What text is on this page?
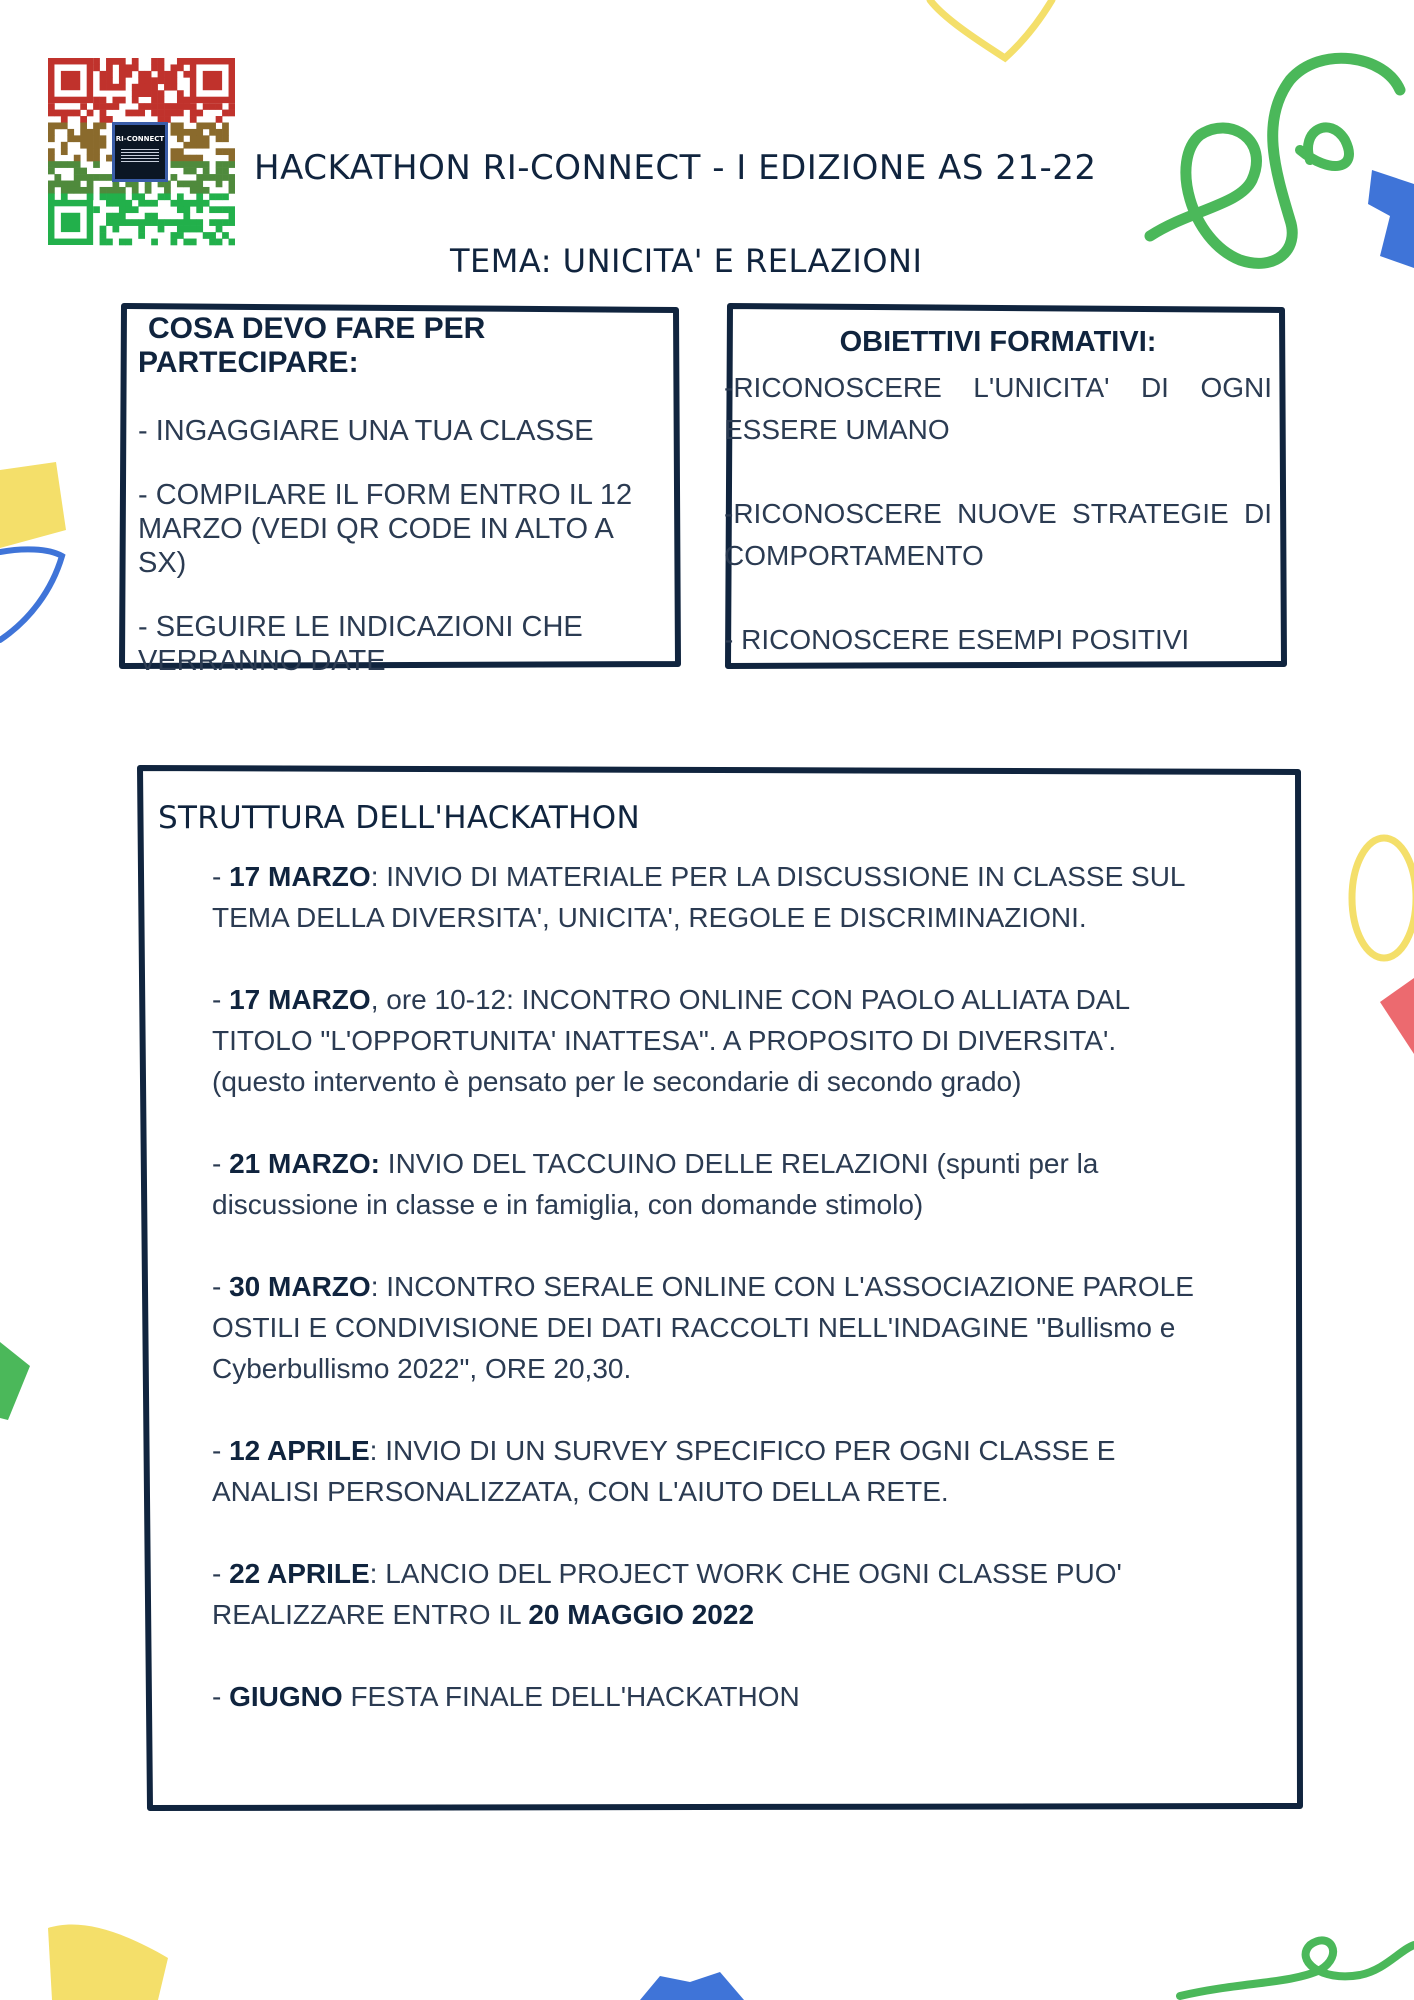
RI-CONNECT
HACKATHON RI-CONNECT - I EDIZIONE AS 21-22
TEMA: UNICITA' E RELAZIONI
COSA DEVO FARE PER
PARTECIPARE:

- INGAGGIARE UNA TUA CLASSE

- COMPILARE IL FORM ENTRO IL 12 MARZO (VEDI QR CODE IN ALTO A SX)

- SEGUIRE LE INDICAZIONI CHE VERRANNO DATE

OBIETTIVI FORMATIVI:

-RICONOSCERE L'UNICITA' DI OGNI ESSERE UMANO

-RICONOSCERE NUOVE STRATEGIE DI COMPORTAMENTO

- RICONOSCERE ESEMPI POSITIVI

STRUTTURA DELL'HACKATHON

- 17 MARZO: INVIO DI MATERIALE PER LA DISCUSSIONE IN CLASSE SUL TEMA DELLA DIVERSITA', UNICITA', REGOLE E DISCRIMINAZIONI.

- 17 MARZO, ore 10-12: INCONTRO ONLINE CON PAOLO ALLIATA DAL TITOLO "L'OPPORTUNITA' INATTESA". A PROPOSITO DI DIVERSITA'. (questo intervento è pensato per le secondarie di secondo grado)

- 21 MARZO: INVIO DEL TACCUINO DELLE RELAZIONI (spunti per la discussione in classe e in famiglia, con domande stimolo)

- 30 MARZO: INCONTRO SERALE ONLINE CON L'ASSOCIAZIONE PAROLE OSTILI E CONDIVISIONE DEI DATI RACCOLTI NELL'INDAGINE "Bullismo e Cyberbullismo 2022", ORE 20,30.

- 12 APRILE: INVIO DI UN SURVEY SPECIFICO PER OGNI CLASSE E ANALISI PERSONALIZZATA, CON L'AIUTO DELLA RETE.

- 22 APRILE: LANCIO DEL PROJECT WORK CHE OGNI CLASSE PUO' REALIZZARE ENTRO IL 20 MAGGIO 2022

- GIUGNO FESTA FINALE DELL'HACKATHON
